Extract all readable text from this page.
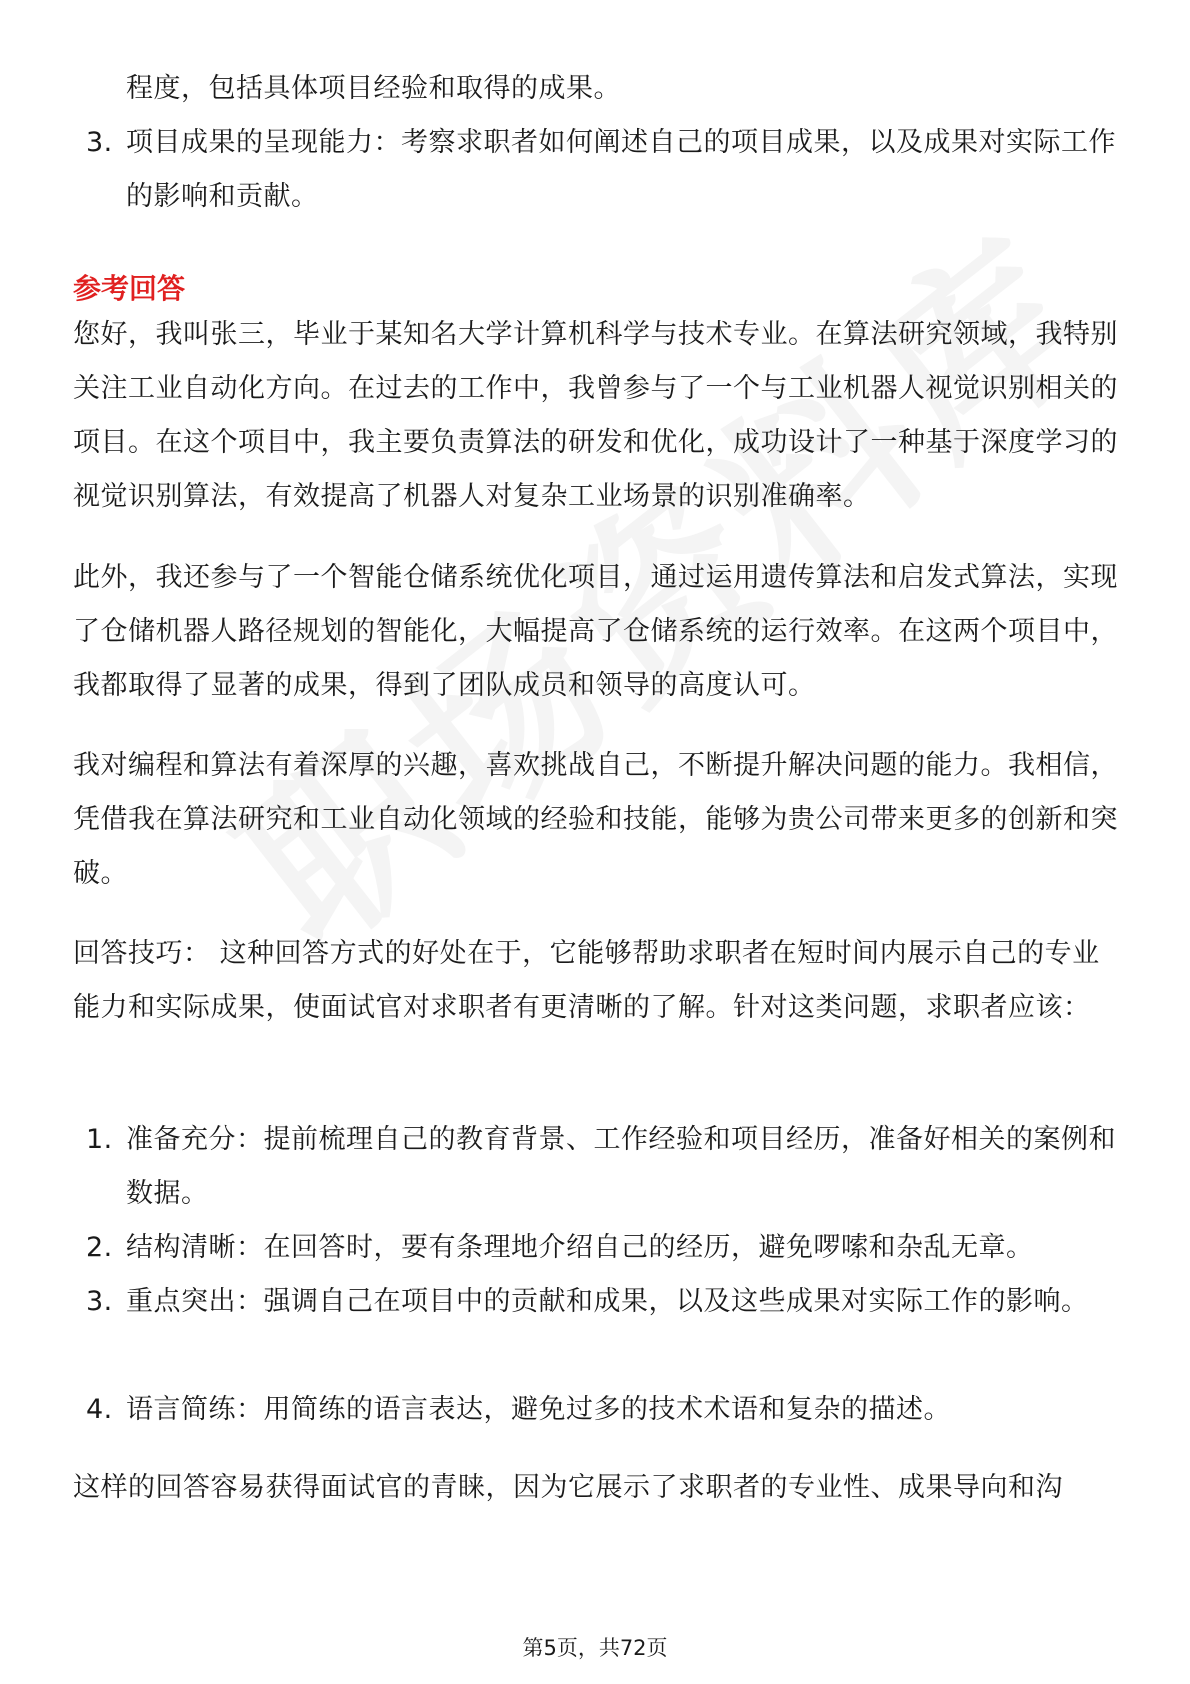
程度，包括具体项目经验和取得的成果。
3. 项目成果的呈现能力：考察求职者如何阐述自己的项目成果，以及成果对实际工作的影响和贡献。
参考回答
您好，我叫张三，毕业于某知名大学计算机科学与技术专业。在算法研究领域，我特别关注工业自动化方向。在过去的工作中，我曾参与了一个与工业机器人视觉识别相关的项目。在这个项目中，我主要负责算法的研发和优化，成功设计了一种基于深度学习的视觉识别算法，有效提高了机器人对复杂工业场景的识别准确率。
此外，我还参与了一个智能仓储系统优化项目，通过运用遗传算法和启发式算法，实现了仓储机器人路径规划的智能化，大幅提高了仓储系统的运行效率。在这两个项目中，我都取得了显著的成果，得到了团队成员和领导的高度认可。
我对编程和算法有着深厚的兴趣，喜欢挑战自己，不断提升解决问题的能力。我相信，凭借我在算法研究和工业自动化领域的经验和技能，能够为贵公司带来更多的创新和突破。
回答技巧： 这种回答方式的好处在于，它能够帮助求职者在短时间内展示自己的专业能力和实际成果，使面试官对求职者有更清晰的了解。针对这类问题，求职者应该：
1. 准备充分：提前梳理自己的教育背景、工作经验和项目经历，准备好相关的案例和数据。
2. 结构清晰：在回答时，要有条理地介绍自己的经历，避免啰嗦和杂乱无章。
3. 重点突出：强调自己在项目中的贡献和成果，以及这些成果对实际工作的影响。
4. 语言简练：用简练的语言表达，避免过多的技术术语和复杂的描述。
这样的回答容易获得面试官的青睐，因为它展示了求职者的专业性、成果导向和沟
第5页，共72页
